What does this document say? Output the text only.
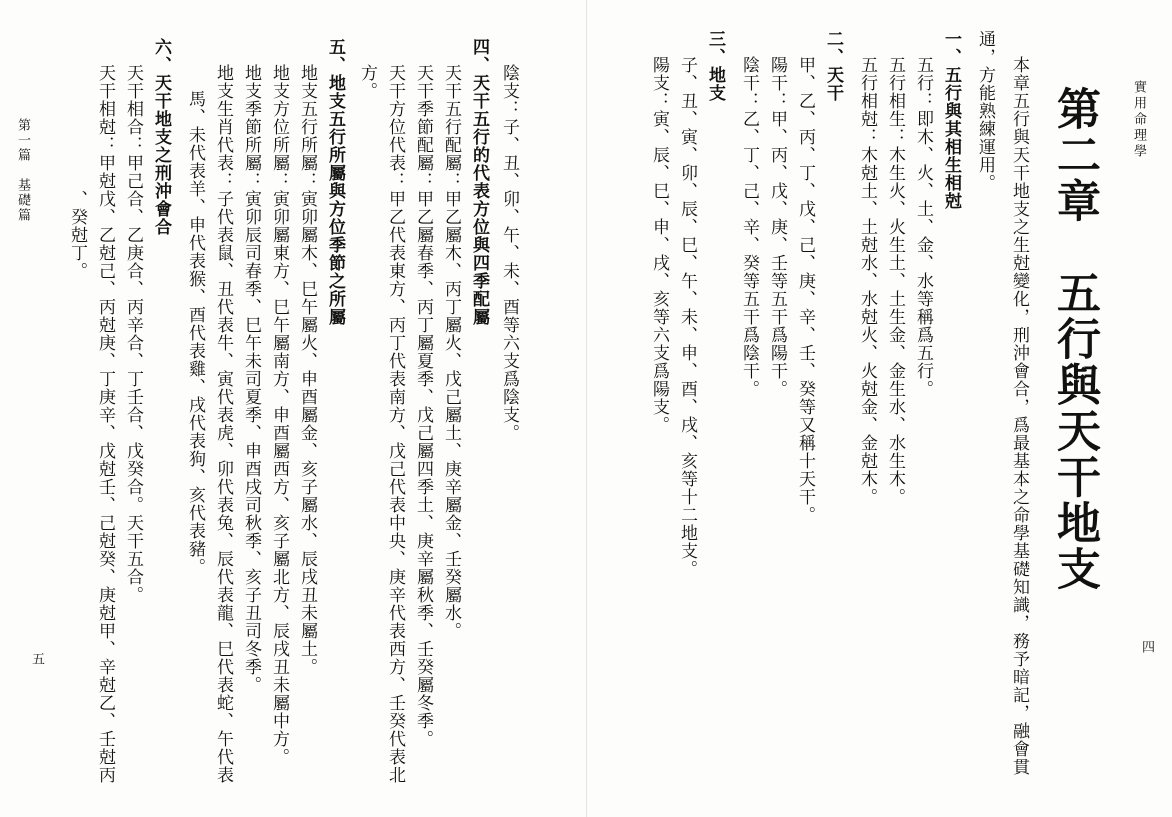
實用命理學
四
第二章　五行與天干地支
本章五行與天干地支之生尅變化，刑沖會合，爲最基本之命學基礎知識，務予暗記，融會貫
通，方能熟練運用。
一、五行與其相生相尅
五行：即木、火、土、金、水等稱爲五行。
五行相生：木生火、火生土、土生金、金生水、水生木。
五行相尅：木尅土、土尅水、水尅火、火尅金、金尅木。
二、天干
甲、乙、丙、丁、戊、己、庚、辛、壬、癸等又稱十天干。
陽干：甲、丙、戊、庚、壬等五干爲陽干。
陰干：乙、丁、己、辛、癸等五干爲陰干。
三、地支
子、丑、寅、卯、辰、巳、午、未、申、酉、戌、亥等十二地支。
陽支：寅、辰、巳、申、戌、亥等六支爲陽支。
陰支：子、丑、卯、午、未、酉等六支爲陰支。
四、天干五行的代表方位與四季配屬
天干五行配屬：甲乙屬木、丙丁屬火、戊己屬土、庚辛屬金、壬癸屬水。
天干季節配屬：甲乙屬春季、丙丁屬夏季、戊己屬四季土、庚辛屬秋季、壬癸屬冬季。
天干方位代表：甲乙代表東方、丙丁代表南方、戊己代表中央、庚辛代表西方、壬癸代表北
方。
五、地支五行所屬與方位季節之所屬
地支五行所屬：寅卯屬木、巳午屬火、申酉屬金、亥子屬水、辰戌丑未屬土。
地支方位所屬：寅卯屬東方、巳午屬南方、申酉屬西方、亥子屬北方、辰戌丑未屬中方。
地支季節所屬：寅卯辰司春季、巳午未司夏季、申酉戌司秋季、亥子丑司冬季。
地支生肖代表：子代表鼠、丑代表牛、寅代表虎、卯代表兔、辰代表龍、巳代表蛇、午代表
馬、未代表羊、申代表猴、酉代表雞、戌代表狗、亥代表豬。
六、天干地支之刑沖會合
天干相合：甲己合、乙庚合、丙辛合、丁壬合、戊癸合。天干五合。
天干相尅：甲尅戊、乙尅己、丙尅庚、丁庚辛、戊尅壬、己尅癸、庚尅甲、辛尅乙、壬尅丙
、癸尅丁。
五
第一篇　基礎篇
